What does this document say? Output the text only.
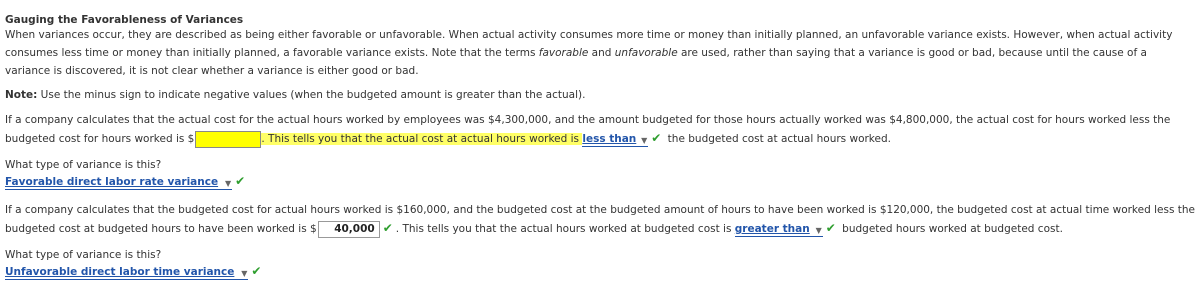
Gauging the Favorableness of Variances
When variances occur, they are described as being either favorable or unfavorable. When actual activity consumes more time or money than initially planned, an unfavorable variance exists. However, when actual activity consumes less time or money than initially planned, a favorable variance exists. Note that the terms favorable and unfavorable are used, rather than saying that a variance is good or bad, because until the cause of a variance is discovered, it is not clear whether a variance is either good or bad.
Note: Use the minus sign to indicate negative values (when the budgeted amount is greater than the actual).
If a company calculates that the actual cost for the actual hours worked by employees was $4,300,000, and the amount budgeted for those hours actually worked was $4,800,000, the actual cost for hours worked less the budgeted cost for hours worked is $	. This tells you that the actual cost at actual hours worked is less than ▼ ✔ the budgeted cost at actual hours worked.
What type of variance is this?
Favorable direct labor rate variance ▼ ✔
If a company calculates that the budgeted cost for actual hours worked is $160,000, and the budgeted cost at the budgeted amount of hours to have been worked is $120,000, the budgeted cost at actual time worked less the budgeted cost at budgeted hours to have been worked is $ 40,000 ✔ . This tells you that the actual hours worked at budgeted cost is greater than ▼ ✔ budgeted hours worked at budgeted cost.
What type of variance is this?
Unfavorable direct labor time variance ▼ ✔
